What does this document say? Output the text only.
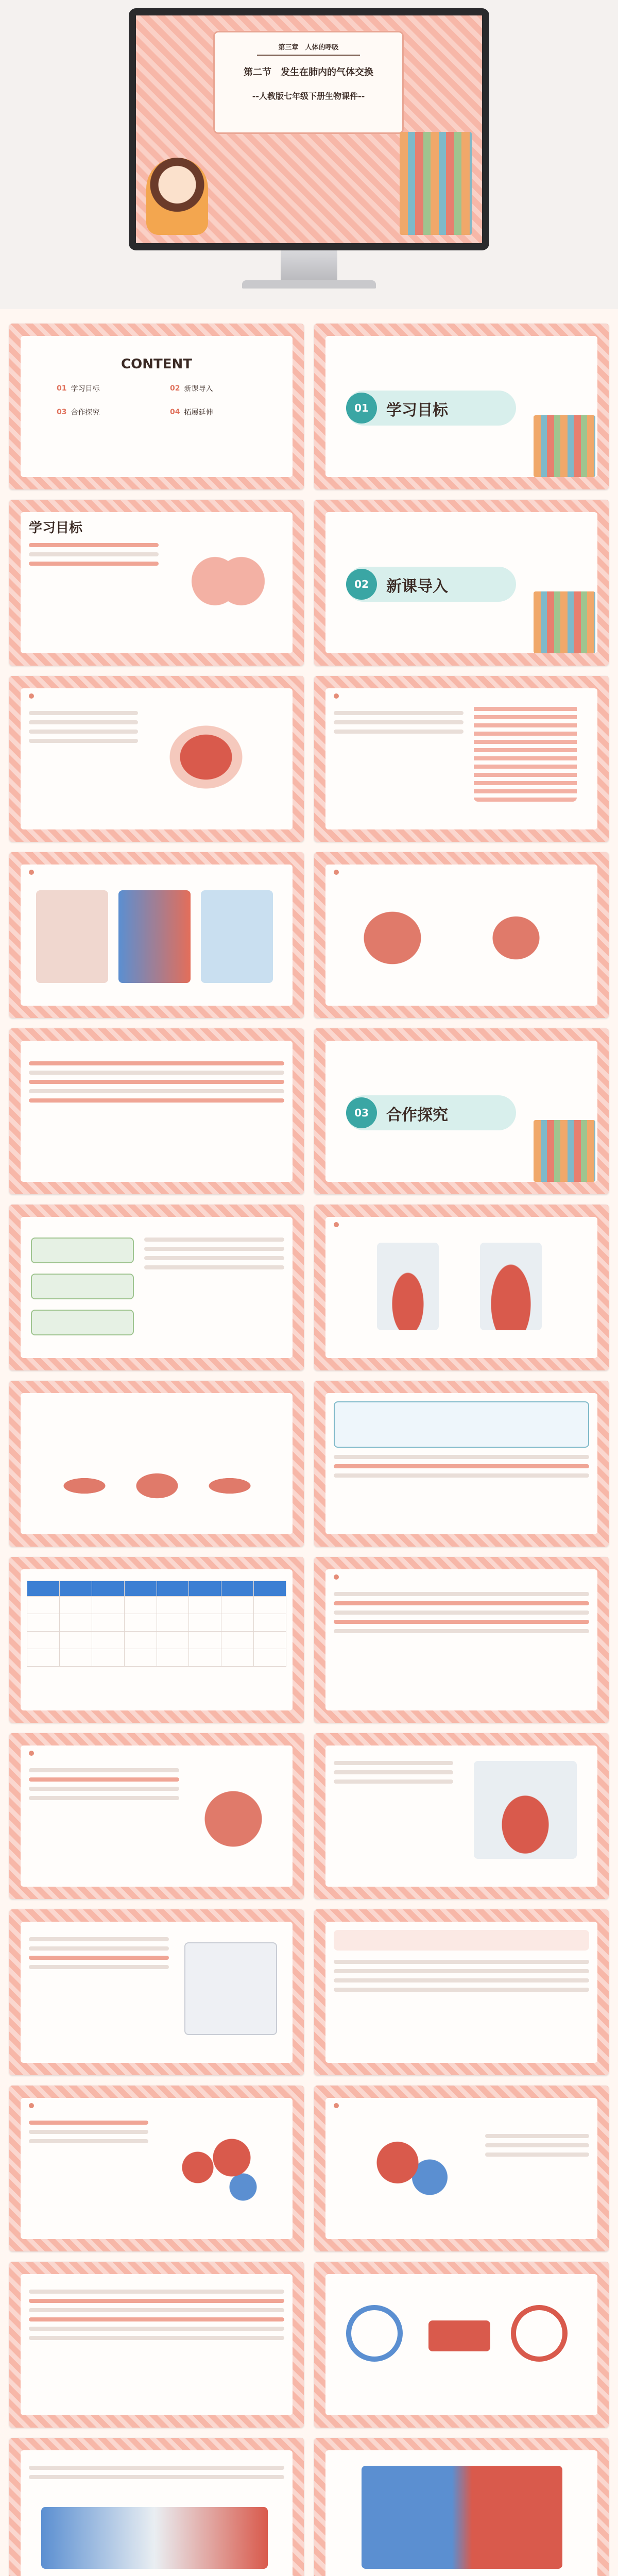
第三章　人体的呼吸
第二节　发生在肺内的气体交换
--人教版七年级下册生物课件--
CONTENT
01 学习目标	02 新课导入
03 合作探究	04 拓展延伸	01	学习目标
学习目标
02	新课导入
03	合作探究
